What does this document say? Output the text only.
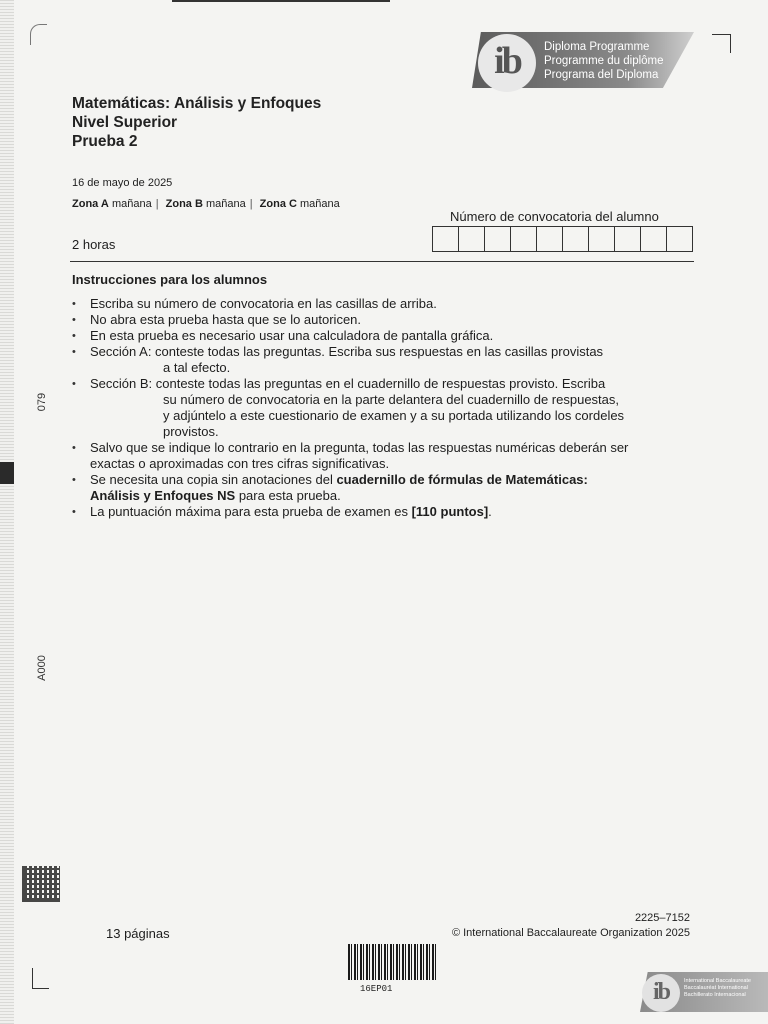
079
A000
ib	Diploma Programme
Programme du diplôme
Programa del Diploma
Matemáticas: Análisis y Enfoques
Nivel Superior
Prueba 2
16 de mayo de 2025
Zona A mañana | Zona B mañana | Zona C mañana
Número de convocatoria del alumno
2 horas
Instrucciones para los alumnos
• Escriba su número de convocatoria en las casillas de arriba.
• No abra esta prueba hasta que se lo autoricen.
• En esta prueba es necesario usar una calculadora de pantalla gráfica.
• Sección A: conteste todas las preguntas. Escriba sus respuestas en las casillas provistas
a tal efecto.
• Sección B: conteste todas las preguntas en el cuadernillo de respuestas provisto. Escriba
su número de convocatoria en la parte delantera del cuadernillo de respuestas,
y adjúntelo a este cuestionario de examen y a su portada utilizando los cordeles
provistos.
• Salvo que se indique lo contrario en la pregunta, todas las respuestas numéricas deberán ser
exactas o aproximadas con tres cifras significativas.
• Se necesita una copia sin anotaciones del cuaderniIlo de fórmulas de Matemáticas:
Análisis y Enfoques NS para esta prueba.
• La puntuación máxima para esta prueba de examen es [110 puntos].
13 páginas
2225–7152
© International Baccalaureate Organization 2025
16EP01	ib	International Baccalaureate
Baccalauréat International
Bachillerato Internacional
